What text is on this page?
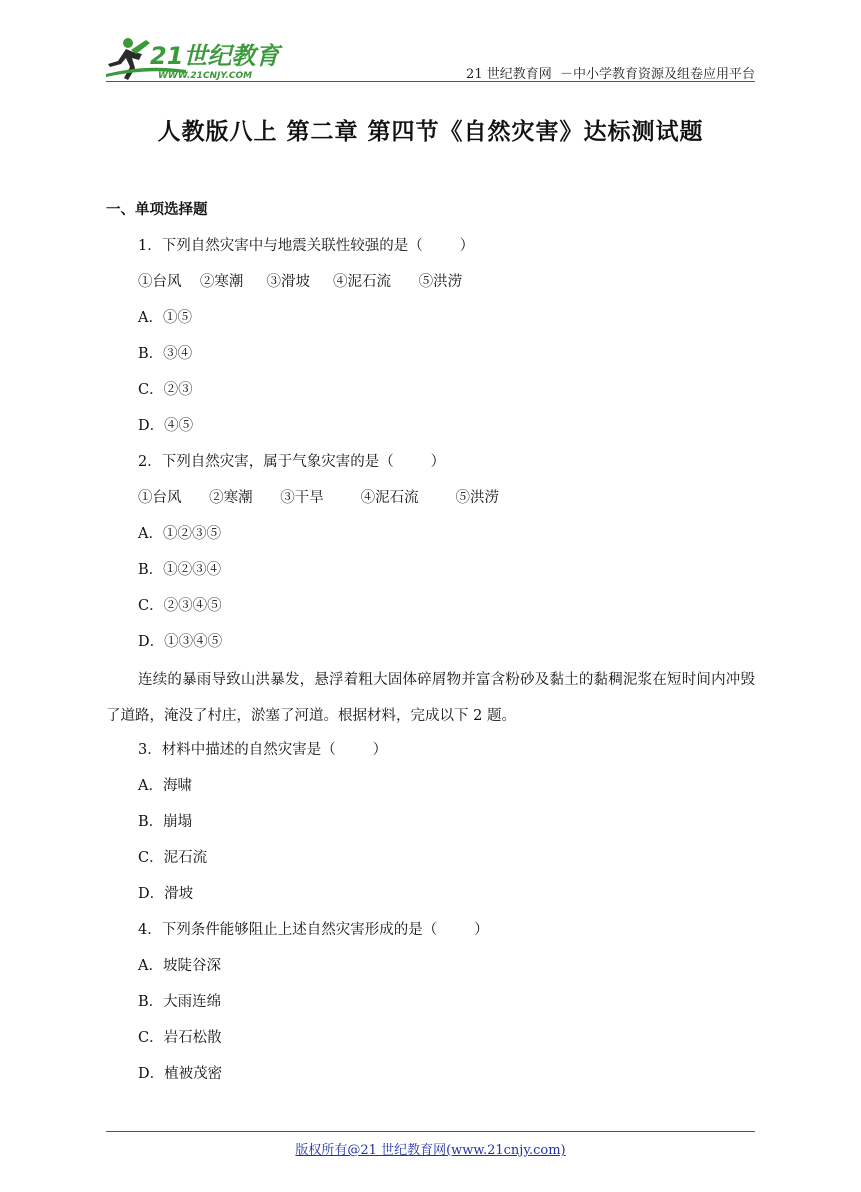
21世纪教育
WWW.21CNJY.COM	21 世纪教育网  －中小学教育资源及组卷应用平台
人教版八上 第二章 第四节《自然灾害》达标测试题
一、单项选择题
1．下列自然灾害中与地震关联性较强的是（        ）
①台风    ②寒潮     ③滑坡     ④泥石流      ⑤洪涝
A．①⑤
B．③④
C．②③
D．④⑤
2．下列自然灾害，属于气象灾害的是（        ）
①台风      ②寒潮      ③干旱        ④泥石流        ⑤洪涝
A．①②③⑤
B．①②③④
C．②③④⑤
D．①③④⑤
连续的暴雨导致山洪暴发，悬浮着粗大固体碎屑物并富含粉砂及黏土的黏稠泥浆在短时间内冲毁了道路，淹没了村庄，淤塞了河道。根据材料，完成以下 2 题。
3．材料中描述的自然灾害是（        ）
A．海啸
B．崩塌
C．泥石流
D．滑坡
4．下列条件能够阻止上述自然灾害形成的是（        ）
A．坡陡谷深
B．大雨连绵
C．岩石松散
D．植被茂密
版权所有@21 世纪教育网(www.21cnjy.com)
